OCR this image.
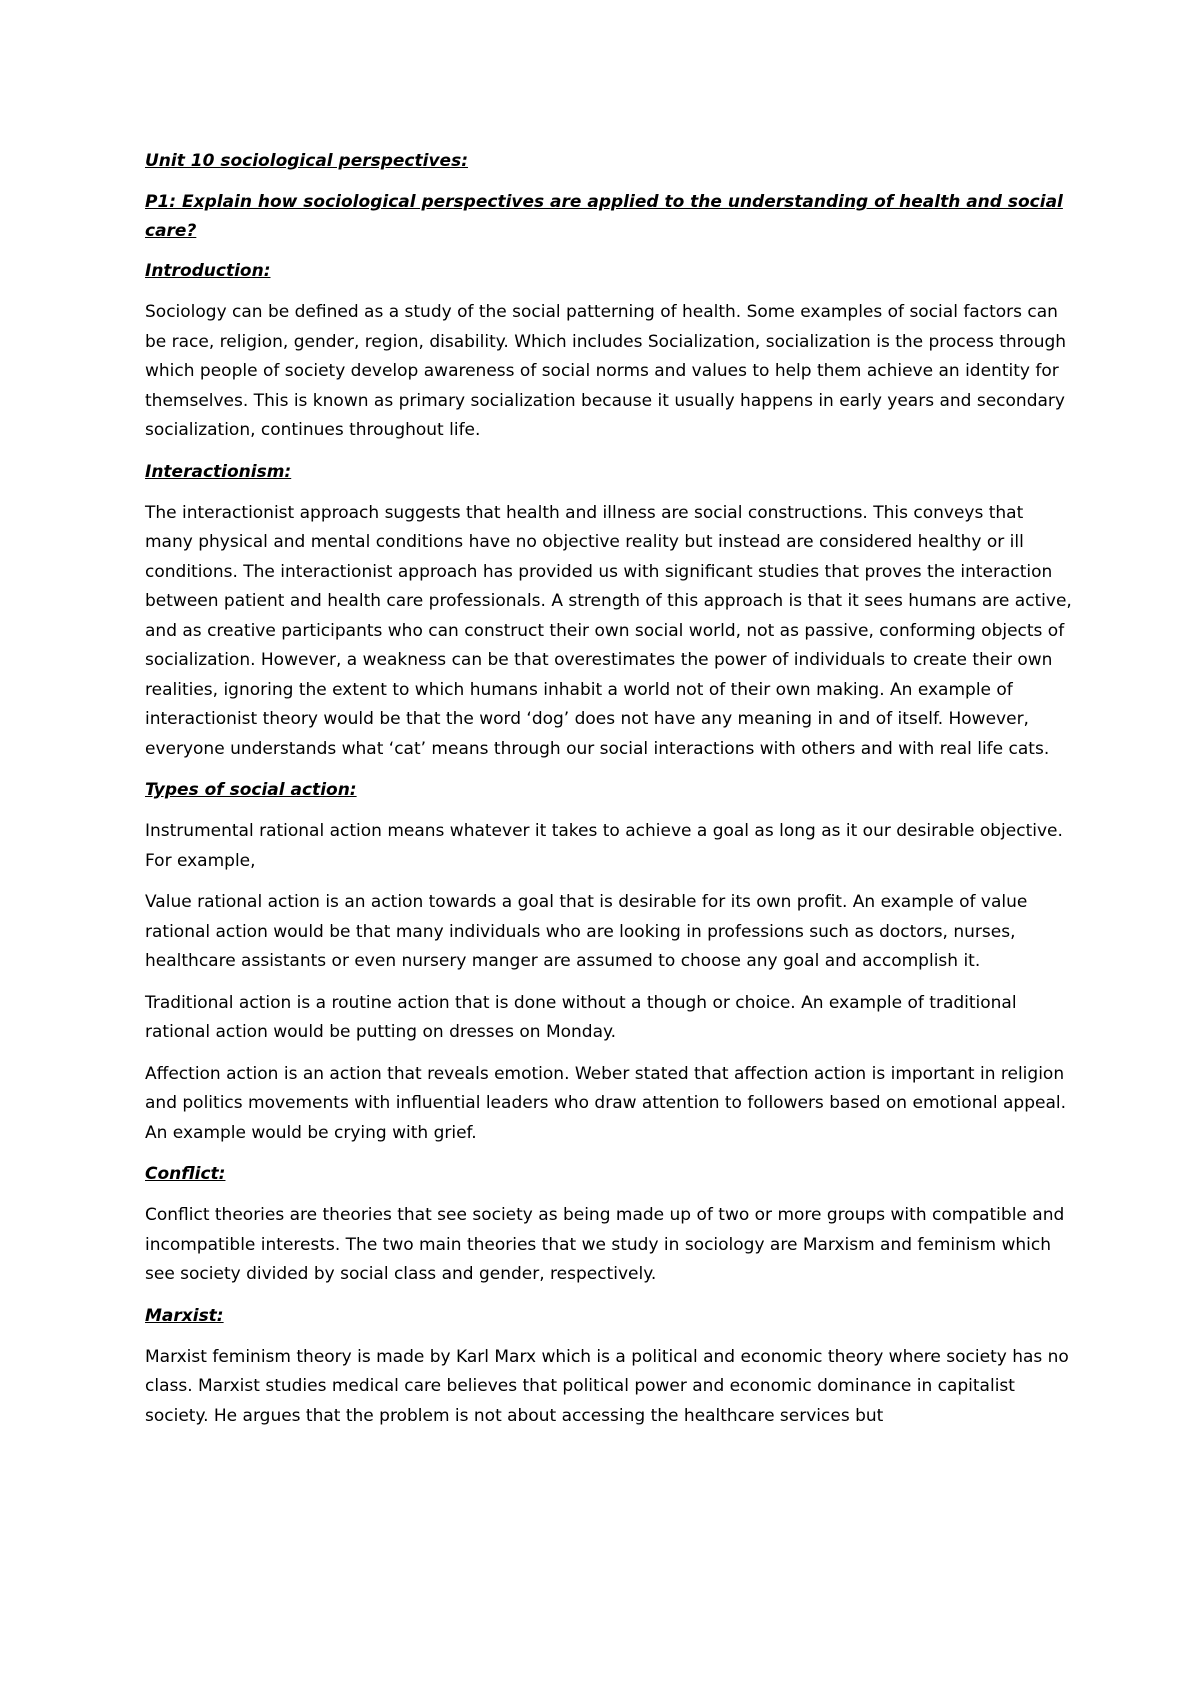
Unit 10 sociological perspectives:
P1: Explain how sociological perspectives are applied to the understanding of health and social care?
Introduction:

Sociology can be defined as a study of the social patterning of health. Some examples of social factors can be race, religion, gender, region, disability. Which includes Socialization, socialization is the process through which people of society develop awareness of social norms and values to help them achieve an identity for themselves. This is known as primary socialization because it usually happens in early years and secondary socialization, continues throughout life.

Interactionism:

The interactionist approach suggests that health and illness are social constructions. This conveys that many physical and mental conditions have no objective reality but instead are considered healthy or ill conditions. The interactionist approach has provided us with significant studies that proves the interaction between patient and health care professionals. A strength of this approach is that it sees humans are active, and as creative participants who can construct their own social world, not as passive, conforming objects of socialization. However, a weakness can be that overestimates the power of individuals to create their own realities, ignoring the extent to which humans inhabit a world not of their own making. An example of interactionist theory would be that the word ‘dog’ does not have any meaning in and of itself. However, everyone understands what ‘cat’ means through our social interactions with others and with real life cats.

Types of social action:

Instrumental rational action means whatever it takes to achieve a goal as long as it our desirable objective. For example,

Value rational action is an action towards a goal that is desirable for its own profit. An example of value rational action would be that many individuals who are looking in professions such as doctors, nurses, healthcare assistants or even nursery manger are assumed to choose any goal and accomplish it.

Traditional action is a routine action that is done without a though or choice. An example of traditional rational action would be putting on dresses on Monday.

Affection action is an action that reveals emotion. Weber stated that affection action is important in religion and politics movements with influential leaders who draw attention to followers based on emotional appeal. An example would be crying with grief.

Conflict:

Conflict theories are theories that see society as being made up of two or more groups with compatible and incompatible interests. The two main theories that we study in sociology are Marxism and feminism which see society divided by social class and gender, respectively.

Marxist:

Marxist feminism theory is made by Karl Marx which is a political and economic theory where society has no class. Marxist studies medical care believes that political power and economic dominance in capitalist society. He argues that the problem is not about accessing the healthcare services but
